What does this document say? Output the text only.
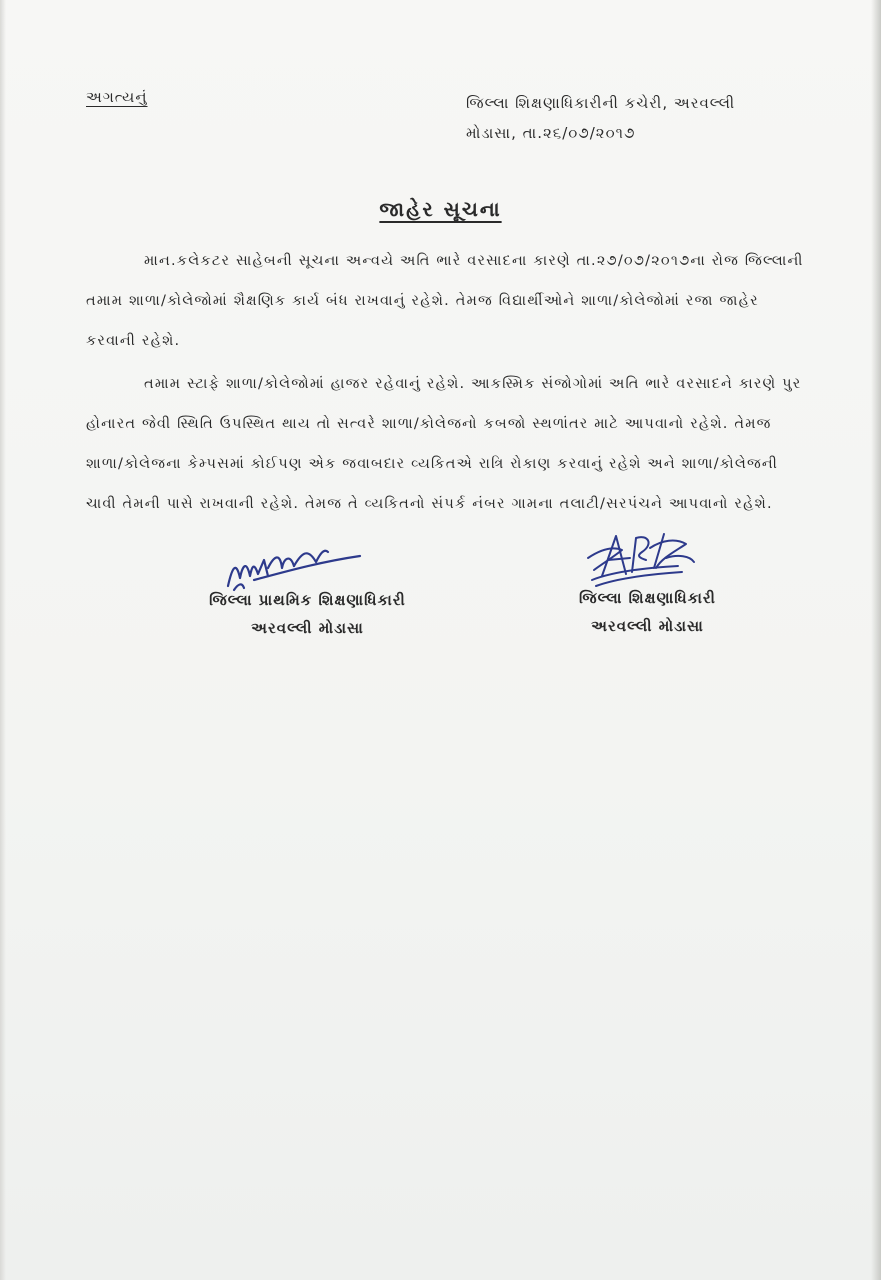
અગત્યનું	જિલ્લા શિક્ષણાધિકારીની કચેરી, અરવલ્લી
મોડાસા, તા.૨૬/૦૭/૨૦૧૭
જાહેર સૂચના
માન.કલેકટર સાહેબની સૂચના અન્વયે અતિ ભારે વરસાદના કારણે તા.૨૭/૦૭/૨૦૧૭ના રોજ જિલ્લાની તમામ શાળા/કોલેજોમાં શૈક્ષણિક કાર્ય બંધ રાખવાનું રહેશે. તેમજ વિદ્યાર્થીઓને શાળા/કોલેજોમાં રજા જાહેર કરવાની રહેશે.
તમામ સ્ટાફે શાળા/કોલેજોમાં હાજર રહેવાનું રહેશે. આકસ્મિક સંજોગોમાં અતિ ભારે વરસાદને કારણે પુર હોનારત જેવી સ્થિતિ ઉપસ્થિત થાય તો સત્વરે શાળા/કોલેજનો કબજો સ્થળાંતર માટે આપવાનો રહેશે. તેમજ શાળા/કોલેજના કેમ્પસમાં કોઈપણ એક જવાબદાર વ્યકિતએ રાત્રિ રોકાણ કરવાનું રહેશે અને શાળા/કોલેજની ચાવી તેમની પાસે રાખવાની રહેશે. તેમજ તે વ્યકિતનો સંપર્ક નંબર ગામના તલાટી/સરપંચને આપવાનો રહેશે.
જિલ્લા પ્રાથમિક શિક્ષણાધિકારી
અરવલ્લી મોડાસા
જિલ્લા શિક્ષણાધિકારી
અરવલ્લી મોડાસા
